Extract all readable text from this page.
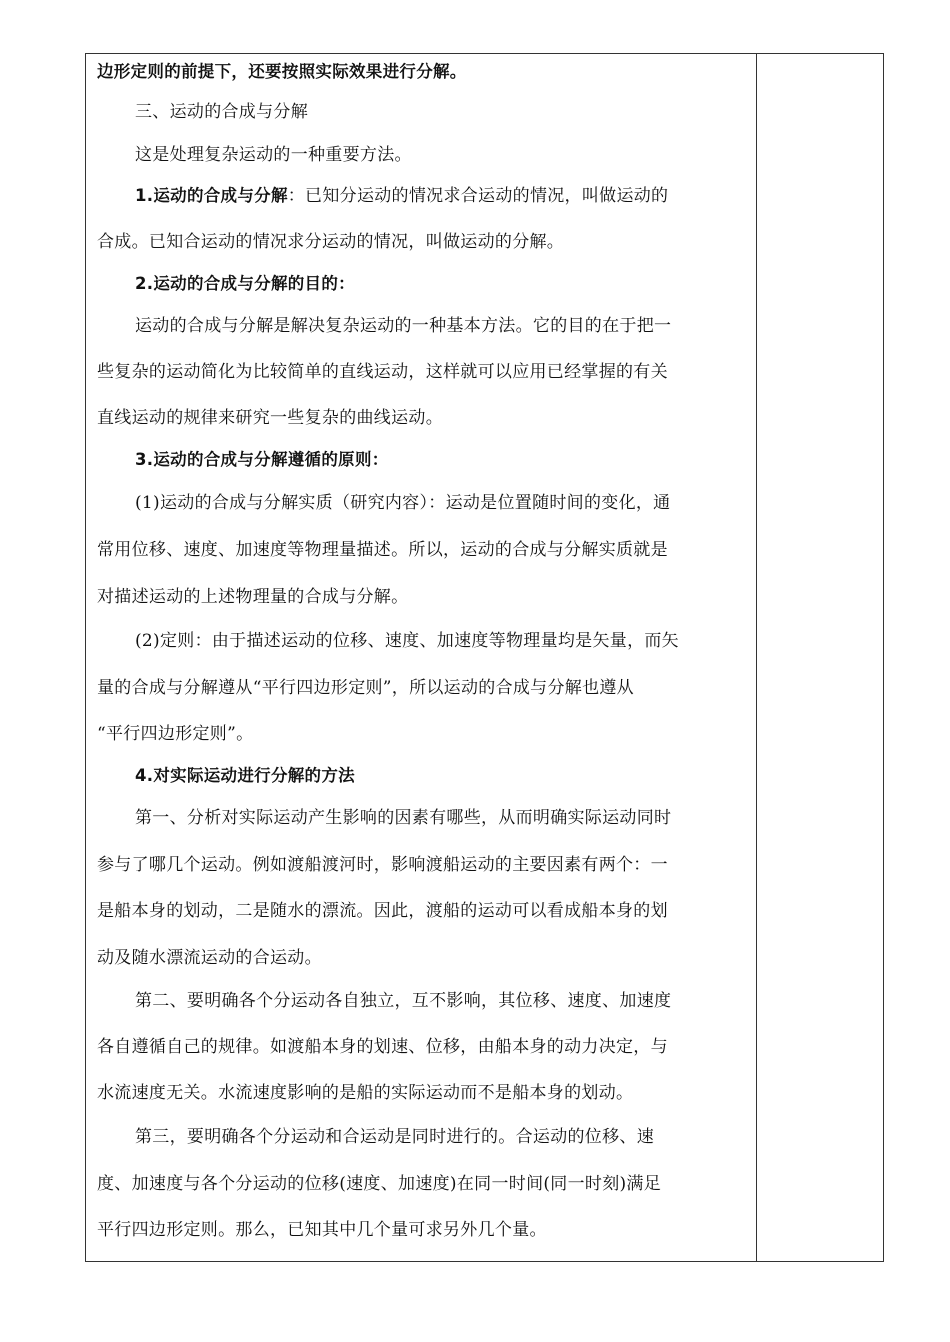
边形定则的前提下，还要按照实际效果进行分解。
三、运动的合成与分解
这是处理复杂运动的一种重要方法。
1.运动的合成与分解：已知分运动的情况求合运动的情况，叫做运动的
合成。已知合运动的情况求分运动的情况，叫做运动的分解。
2.运动的合成与分解的目的：
运动的合成与分解是解决复杂运动的一种基本方法。它的目的在于把一
些复杂的运动简化为比较简单的直线运动，这样就可以应用已经掌握的有关
直线运动的规律来研究一些复杂的曲线运动。
3.运动的合成与分解遵循的原则：
(1)运动的合成与分解实质（研究内容）：运动是位置随时间的变化，通
常用位移、速度、加速度等物理量描述。所以，运动的合成与分解实质就是
对描述运动的上述物理量的合成与分解。
(2)定则：由于描述运动的位移、速度、加速度等物理量均是矢量，而矢
量的合成与分解遵从“平行四边形定则”，所以运动的合成与分解也遵从
“平行四边形定则”。
4.对实际运动进行分解的方法
第一、分析对实际运动产生影响的因素有哪些，从而明确实际运动同时
参与了哪几个运动。例如渡船渡河时，影响渡船运动的主要因素有两个：一
是船本身的划动，二是随水的漂流。因此，渡船的运动可以看成船本身的划
动及随水漂流运动的合运动。
第二、要明确各个分运动各自独立，互不影响，其位移、速度、加速度
各自遵循自己的规律。如渡船本身的划速、位移，由船本身的动力决定，与
水流速度无关。水流速度影响的是船的实际运动而不是船本身的划动。
第三，要明确各个分运动和合运动是同时进行的。合运动的位移、速
度、加速度与各个分运动的位移(速度、加速度)在同一时间(同一时刻)满足
平行四边形定则。那么，已知其中几个量可求另外几个量。
